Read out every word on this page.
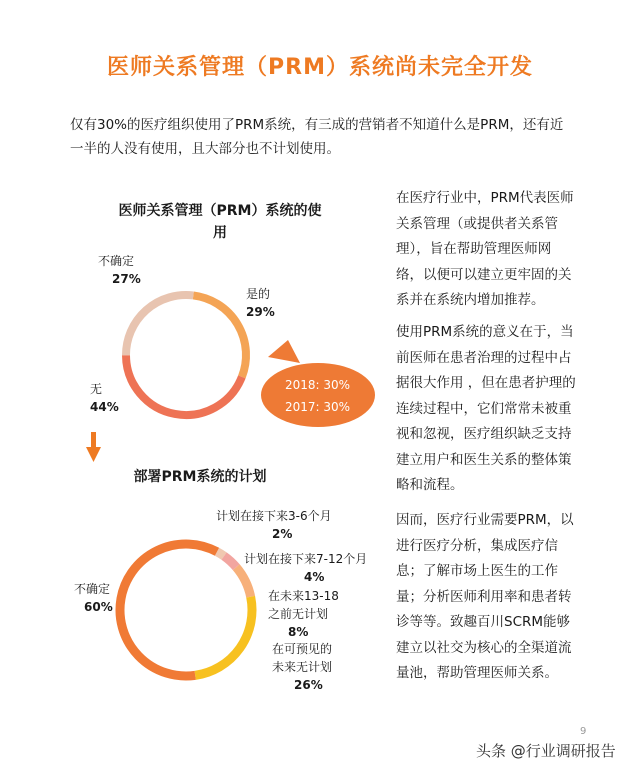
医师关系管理（PRM）系统尚未完全开发
仅有30%的医疗组织使用了PRM系统，有三成的营销者不知道什么是PRM，还有近一半的人没有使用，且大部分也不计划使用。
医师关系管理（PRM）系统的使
用
不确定
27%
是的
29%
无
44%
2018: 30%
2017: 30%
部署PRM系统的计划
计划在接下来3-6个月
2%
计划在接下来7-12个月
4%
在未来13-18
之前无计划
8%
在可预见的
未来无计划
26%
不确定
60%
在医疗行业中，PRM代表医师关系管理（或提供者关系管理），旨在帮助管理医师网络，以便可以建立更牢固的关系并在系统内增加推荐。
使用PRM系统的意义在于，当前医师在患者治理的过程中占据很大作用 ，但在患者护理的连续过程中，它们常常未被重视和忽视，医疗组织缺乏支持建立用户和医生关系的整体策略和流程。
因而，医疗行业需要PRM，以进行医疗分析，集成医疗信息；了解市场上医生的工作量；分析医师利用率和患者转诊等等。致趣百川SCRM能够建立以社交为核心的全渠道流量池，帮助管理医师关系。
9
头条 @行业调研报告
